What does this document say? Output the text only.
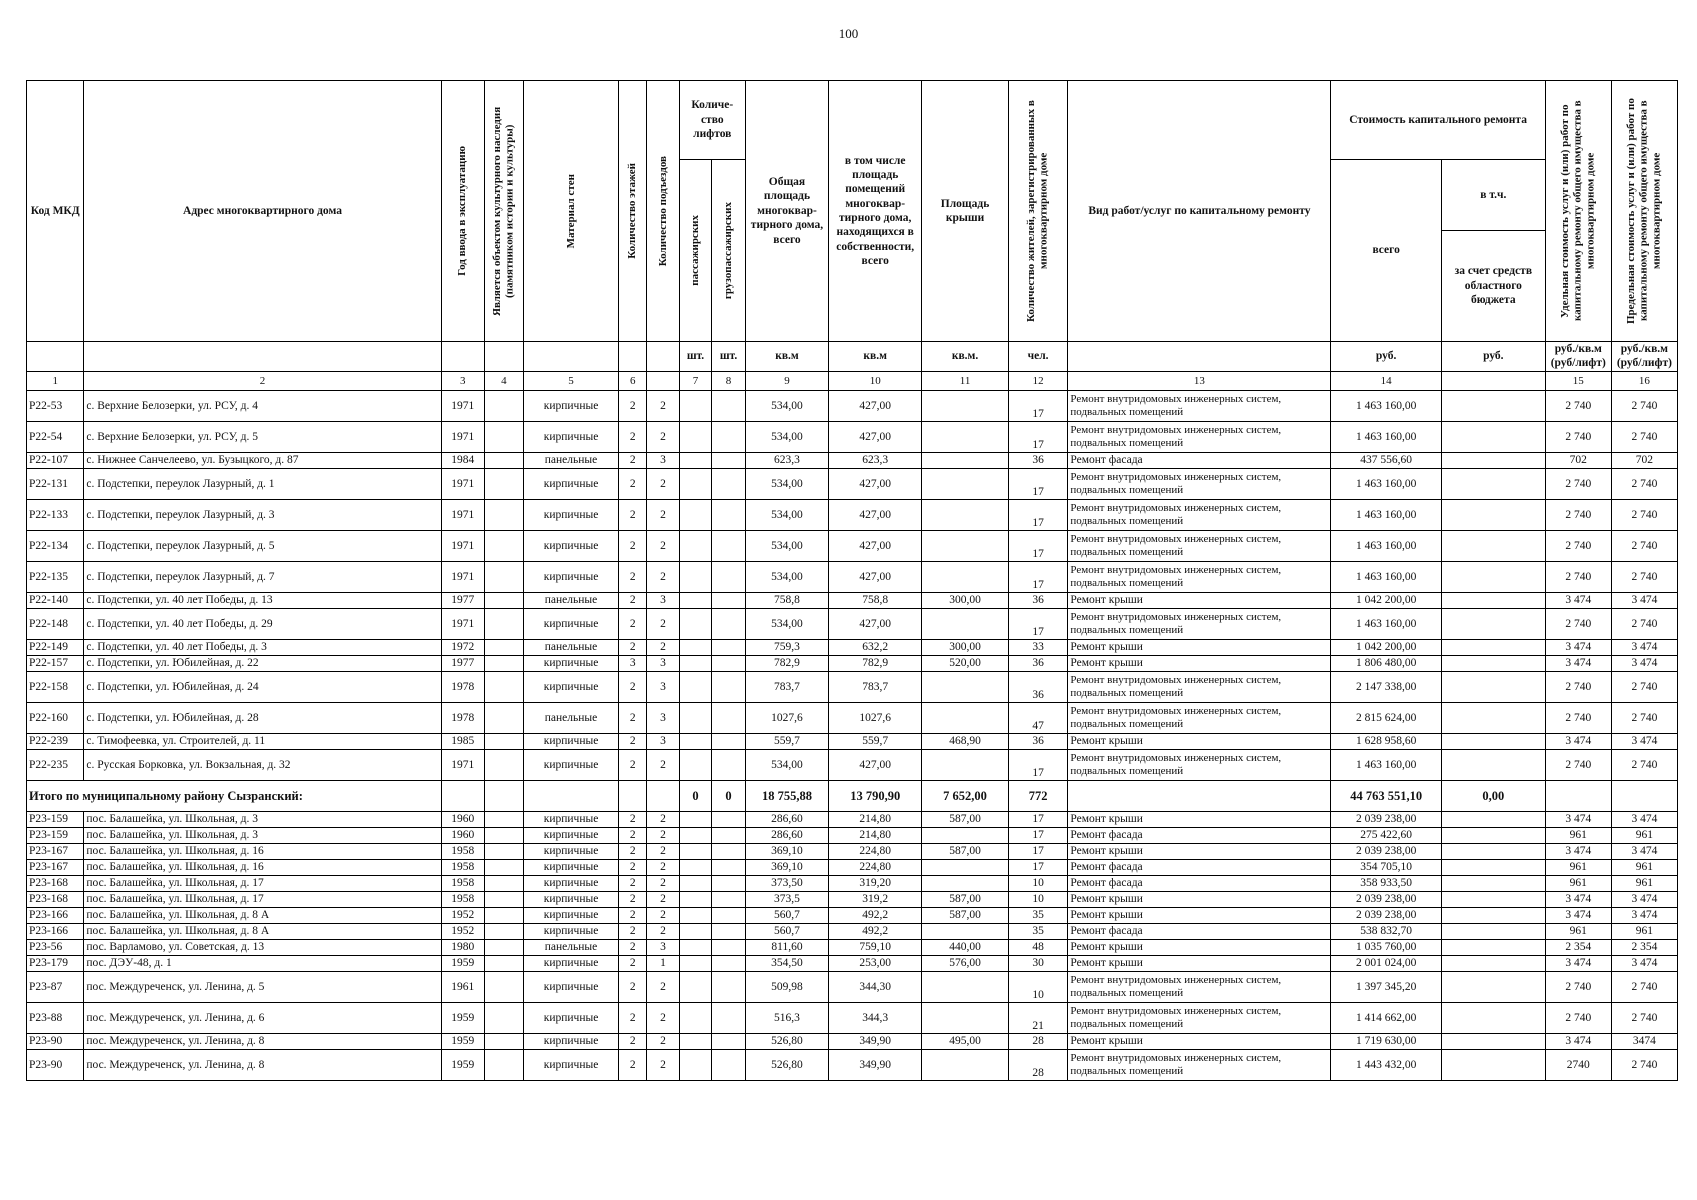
100
Код МКД	Адрес многоквартирного дома	Год ввода в эксплуатацию	Является объектом культурного наследия (памятником истории и культуры)	Материал стен	Количество этажей	Количество подъездов	Количе-ство лифтов		Общая площадь многоквар-тирного дома, всего	в том числе площадь помещений многоквар-тирного дома, находящихся в собственности, всего	Площадь крыши	Количество жителей, зарегистрированных в многоквартирном доме	Вид работ/услуг по капитальному ремонту	Стоимость капитального ремонта		Удельная стоимость услуг и (или) работ по капитальному ремонту общего имущества в многоквартирном доме	Предельная стоимость услуг и (или) работ по капитальному ремонту общего имущества в многоквартирном доме

							пассажирских	грузопассажирских						всего	в т.ч.		
															за счет средств областного бюджета		
							шт.	шт.	кв.м	кв.м	кв.м.	чел.		руб.	руб.	руб./кв.м (руб/лифт)	руб./кв.м (руб/лифт)
1	2	3	4	5	6		7	8	9	10	11	12	13	14		15	16
Р22-53	с. Верхние Белозерки, ул. РСУ, д. 4	1971		кирпичные	2	2			534,00	427,00		17	Ремонт внутридомовых инженерных систем, подвальных помещений	1 463 160,00		2 740	2 740
Р22-54	с. Верхние Белозерки, ул. РСУ, д. 5	1971		кирпичные	2	2			534,00	427,00		17	Ремонт внутридомовых инженерных систем, подвальных помещений	1 463 160,00		2 740	2 740
Р22-107	с. Нижнее Санчелеево, ул. Бузыцкого, д. 87	1984		панельные	2	3			623,3	623,3		36	Ремонт фасада	437 556,60		702	702
Р22-131	с. Подстепки, переулок Лазурный, д. 1	1971		кирпичные	2	2			534,00	427,00		17	Ремонт внутридомовых инженерных систем, подвальных помещений	1 463 160,00		2 740	2 740
Р22-133	с. Подстепки, переулок Лазурный, д. 3	1971		кирпичные	2	2			534,00	427,00		17	Ремонт внутридомовых инженерных систем, подвальных помещений	1 463 160,00		2 740	2 740
Р22-134	с. Подстепки, переулок Лазурный, д. 5	1971		кирпичные	2	2			534,00	427,00		17	Ремонт внутридомовых инженерных систем, подвальных помещений	1 463 160,00		2 740	2 740
Р22-135	с. Подстепки, переулок Лазурный, д. 7	1971		кирпичные	2	2			534,00	427,00		17	Ремонт внутридомовых инженерных систем, подвальных помещений	1 463 160,00		2 740	2 740
Р22-140	с. Подстепки, ул. 40 лет Победы, д. 13	1977		панельные	2	3			758,8	758,8	300,00	36	Ремонт крыши	1 042 200,00		3 474	3 474
Р22-148	с. Подстепки, ул. 40 лет Победы, д. 29	1971		кирпичные	2	2			534,00	427,00		17	Ремонт внутридомовых инженерных систем, подвальных помещений	1 463 160,00		2 740	2 740
Р22-149	с. Подстепки, ул. 40 лет Победы, д. 3	1972		панельные	2	2			759,3	632,2	300,00	33	Ремонт крыши	1 042 200,00		3 474	3 474
Р22-157	с. Подстепки, ул. Юбилейная, д. 22	1977		кирпичные	3	3			782,9	782,9	520,00	36	Ремонт крыши	1 806 480,00		3 474	3 474
Р22-158	с. Подстепки, ул. Юбилейная, д. 24	1978		кирпичные	2	3			783,7	783,7		36	Ремонт внутридомовых инженерных систем, подвальных помещений	2 147 338,00		2 740	2 740
Р22-160	с. Подстепки, ул. Юбилейная, д. 28	1978		панельные	2	3			1027,6	1027,6		47	Ремонт внутридомовых инженерных систем, подвальных помещений	2 815 624,00		2 740	2 740
Р22-239	с. Тимофеевка, ул. Строителей, д. 11	1985		кирпичные	2	3			559,7	559,7	468,90	36	Ремонт крыши	1 628 958,60		3 474	3 474
Р22-235	с. Русская Борковка, ул. Вокзальная, д. 32	1971		кирпичные	2	2			534,00	427,00		17	Ремонт внутридомовых инженерных систем, подвальных помещений	1 463 160,00		2 740	2 740
Итого по муниципальному району Сызранский:							0	0	18 755,88	13 790,90	7 652,00	772		44 763 551,10	0,00		
Р23-159	пос. Балашейка, ул. Школьная, д. 3	1960		кирпичные	2	2			286,60	214,80	587,00	17	Ремонт крыши	2 039 238,00		3 474	3 474
Р23-159	пос. Балашейка, ул. Школьная, д. 3	1960		кирпичные	2	2			286,60	214,80		17	Ремонт фасада	275 422,60		961	961
Р23-167	пос. Балашейка, ул. Школьная, д. 16	1958		кирпичные	2	2			369,10	224,80	587,00	17	Ремонт крыши	2 039 238,00		3 474	3 474
Р23-167	пос. Балашейка, ул. Школьная, д. 16	1958		кирпичные	2	2			369,10	224,80		17	Ремонт фасада	354 705,10		961	961
Р23-168	пос. Балашейка, ул. Школьная, д. 17	1958		кирпичные	2	2			373,50	319,20		10	Ремонт фасада	358 933,50		961	961
Р23-168	пос. Балашейка, ул. Школьная, д. 17	1958		кирпичные	2	2			373,5	319,2	587,00	10	Ремонт крыши	2 039 238,00		3 474	3 474
Р23-166	пос. Балашейка, ул. Школьная, д. 8 А	1952		кирпичные	2	2			560,7	492,2	587,00	35	Ремонт крыши	2 039 238,00		3 474	3 474
Р23-166	пос. Балашейка, ул. Школьная, д. 8 А	1952		кирпичные	2	2			560,7	492,2		35	Ремонт фасада	538 832,70		961	961
Р23-56	пос. Варламово, ул. Советская, д. 13	1980		панельные	2	3			811,60	759,10	440,00	48	Ремонт крыши	1 035 760,00		2 354	2 354
Р23-179	пос. ДЭУ-48, д. 1	1959		кирпичные	2	1			354,50	253,00	576,00	30	Ремонт крыши	2 001 024,00		3 474	3 474
Р23-87	пос. Междуреченск, ул. Ленина, д. 5	1961		кирпичные	2	2			509,98	344,30		10	Ремонт внутридомовых инженерных систем, подвальных помещений	1 397 345,20		2 740	2 740
Р23-88	пос. Междуреченск, ул. Ленина, д. 6	1959		кирпичные	2	2			516,3	344,3		21	Ремонт внутридомовых инженерных систем, подвальных помещений	1 414 662,00		2 740	2 740
Р23-90	пос. Междуреченск, ул. Ленина, д. 8	1959		кирпичные	2	2			526,80	349,90	495,00	28	Ремонт крыши	1 719 630,00		3 474	3474
Р23-90	пос. Междуреченск, ул. Ленина, д. 8	1959		кирпичные	2	2			526,80	349,90		28	Ремонт внутридомовых инженерных систем, подвальных помещений	1 443 432,00		2740	2 740
